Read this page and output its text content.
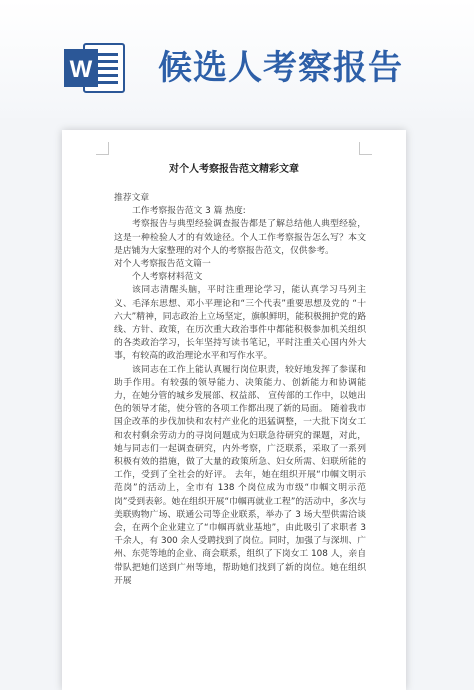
W 候选人考察报告
对个人考察报告范文精彩文章

推荐文章

工作考察报告范文 3 篇 热度:

考察报告与典型经验调查报告都是了解总结他人典型经验，这是一种检验人才的有效途径。个人工作考察报告怎么写？本文是店铺为大家整理的对个人的考察报告范文，仅供参考。

对个人考察报告范文篇一

个人考察材料范文

该同志清醒头脑，平时注重理论学习，能认真学习马列主义、毛泽东思想、邓小平理论和“三个代表”重要思想及党的 “十六大”精神，同志政治上立场坚定，旗帜鲜明，能积极拥护党的路线、方针、政策，在历次重大政治事件中都能积极参加机关组织的各类政治学习，长年坚持写读书笔记，平时注重关心国内外大事，有较高的政治理论水平和写作水平。

该同志在工作上能认真履行岗位职责，较好地发挥了参谋和助手作用。有较强的领导能力、决策能力、创新能力和协调能力，在她分管的城乡发展部、权益部、 宣传部的工作中，以她出色的领导才能，使分管的各项工作都出现了新的局面。 随着我市国企改革的步伐加快和农村产业化的迅猛调整，一大批下岗女工和农村剩余劳动力的寻岗问题成为妇联急待研究的课题，对此，她与同志们一起调查研究，内外考察，广泛联系，采取了一系列积极有效的措施，做了大量的政策所急、妇女所需、妇联所能的工作，受到了全社会的好评。 去年，她在组织开展“巾帼文明示范岗”的活动上，全市有 138 个岗位成为市级“巾帼文明示范岗”受到表彰。她在组织开展“巾帼再就业工程”的活动中，多次与美联购物广场、联通公司等企业联系，举办了 3 场大型供需洽谈会，在两个企业建立了“巾帼再就业基地”，由此吸引了求职者 3 千余人，有 300 余人受聘找到了岗位。同时，加强了与深圳、广州、东莞等地的企业、商会联系，组织了下岗女工 108 人，亲自带队把她们送到广州等地，帮助她们找到了新的岗位。她在组织开展
